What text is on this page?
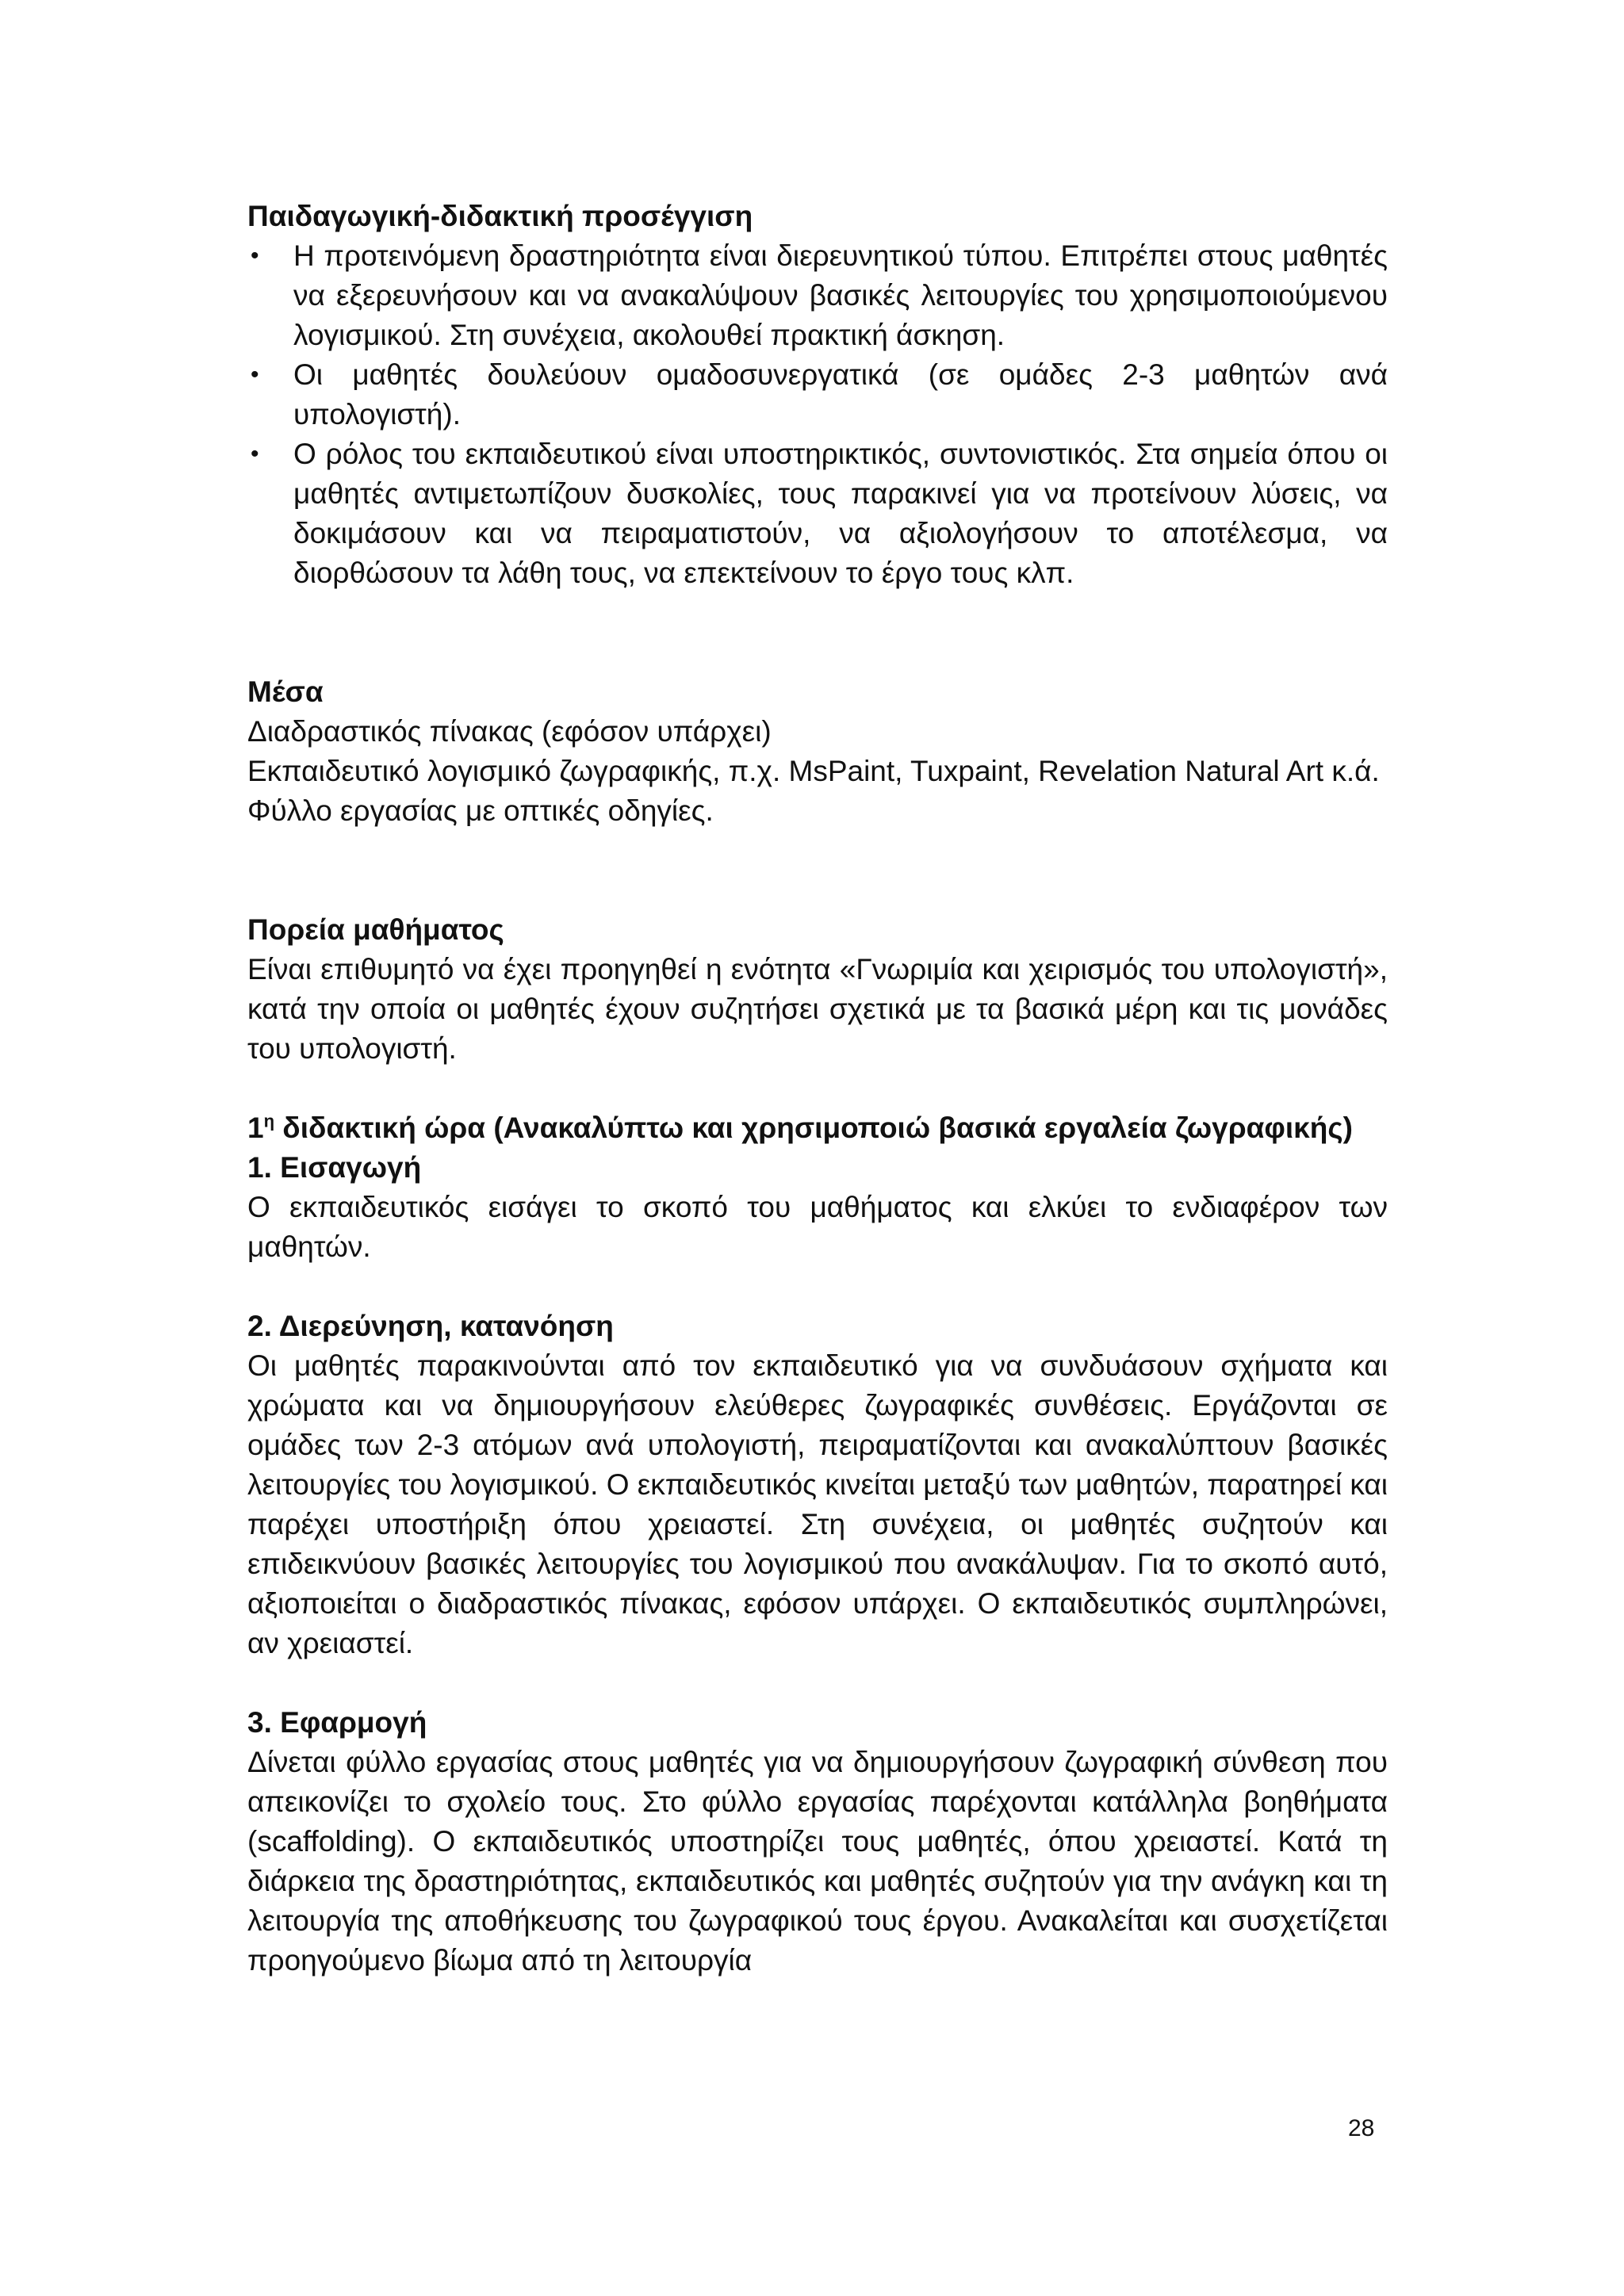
Παιδαγωγική-διδακτική προσέγγιση

• Η προτεινόμενη δραστηριότητα είναι διερευνητικού τύπου. Επιτρέπει στους μαθητές να εξερευνήσουν και να ανακαλύψουν βασικές λειτουργίες του χρησιμοποιούμενου λογισμικού. Στη συνέχεια, ακολουθεί πρακτική άσκηση.
• Οι μαθητές δουλεύουν ομαδοσυνεργατικά (σε ομάδες 2-3 μαθητών ανά υπολογιστή).
• Ο ρόλος του εκπαιδευτικού είναι υποστηρικτικός, συντονιστικός. Στα σημεία όπου οι μαθητές αντιμετωπίζουν δυσκολίες, τους παρακινεί για να προτείνουν λύσεις, να δοκιμάσουν και να πειραματιστούν, να αξιολογήσουν το αποτέλεσμα, να διορθώσουν τα λάθη τους, να επεκτείνουν το έργο τους κλπ.

Μέσα

Διαδραστικός πίνακας (εφόσον υπάρχει)

Εκπαιδευτικό λογισμικό ζωγραφικής, π.χ. MsPaint, Tuxpaint, Revelation Natural Art κ.ά.

Φύλλο εργασίας με οπτικές οδηγίες.

Πορεία μαθήματος

Είναι επιθυμητό να έχει προηγηθεί η ενότητα «Γνωριμία και χειρισμός του υπολογιστή», κατά την οποία οι μαθητές έχουν συζητήσει σχετικά με τα βασικά μέρη και τις μονάδες του υπολογιστή.

$1^\eta$ διδακτική ώρα (Ανακαλύπτω και χρησιμοποιώ βασικά εργαλεία ζωγραφικής)

1. Εισαγωγή

Ο εκπαιδευτικός εισάγει το σκοπό του μαθήματος και ελκύει το ενδιαφέρον των μαθητών.

2. Διερεύνηση, κατανόηση

Οι μαθητές παρακινούνται από τον εκπαιδευτικό για να συνδυάσουν σχήματα και χρώματα και να δημιουργήσουν ελεύθερες ζωγραφικές συνθέσεις. Εργάζονται σε ομάδες των 2-3 ατόμων ανά υπολογιστή, πειραματίζονται και ανακαλύπτουν βασικές λειτουργίες του λογισμικού. Ο εκπαιδευτικός κινείται μεταξύ των μαθητών, παρατηρεί και παρέχει υποστήριξη όπου χρειαστεί. Στη συνέχεια, οι μαθητές συζητούν και επιδεικνύουν βασικές λειτουργίες του λογισμικού που ανακάλυψαν. Για το σκοπό αυτό, αξιοποιείται ο διαδραστικός πίνακας, εφόσον υπάρχει. Ο εκπαιδευτικός συμπληρώνει, αν χρειαστεί.

3. Εφαρμογή

Δίνεται φύλλο εργασίας στους μαθητές για να δημιουργήσουν ζωγραφική σύνθεση που απεικονίζει το σχολείο τους. Στο φύλλο εργασίας παρέχονται κατάλληλα βοηθήματα (scaffolding). Ο εκπαιδευτικός υποστηρίζει τους μαθητές, όπου χρειαστεί. Κατά τη διάρκεια της δραστηριότητας, εκπαιδευτικός και μαθητές συζητούν για την ανάγκη και τη λειτουργία της αποθήκευσης του ζωγραφικού τους έργου. Ανακαλείται και συσχετίζεται προηγούμενο βίωμα από τη λειτουργία

28
